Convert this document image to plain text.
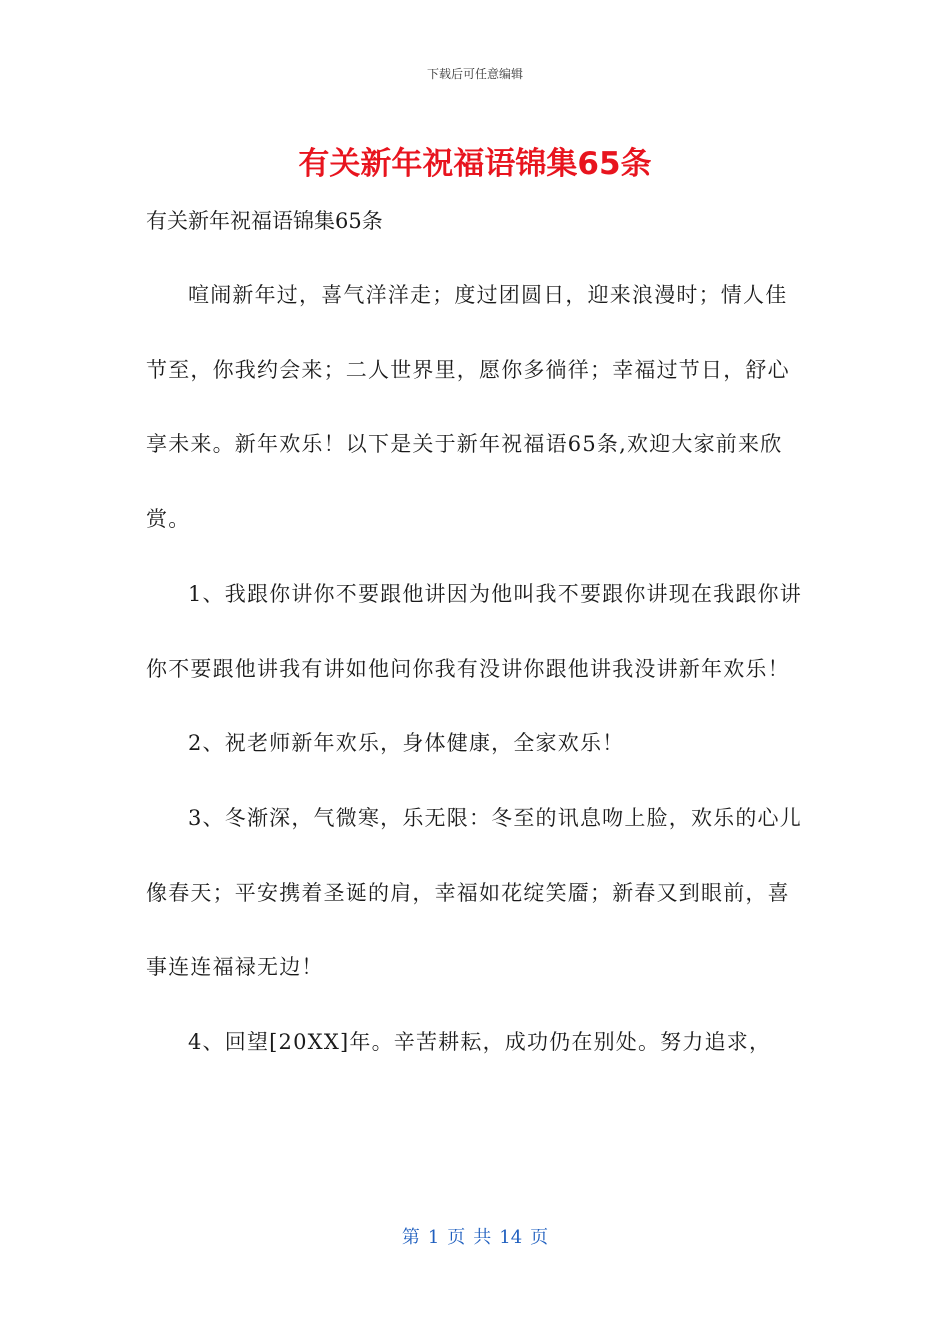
下载后可任意编辑
有关新年祝福语锦集65条
有关新年祝福语锦集65条

喧闹新年过，喜气洋洋走；度过团圆日，迎来浪漫时；情人佳节至，你我约会来；二人世界里，愿你多徜徉；幸福过节日，舒心享未来。新年欢乐！以下是关于新年祝福语65条,欢迎大家前来欣赏。

1、我跟你讲你不要跟他讲因为他叫我不要跟你讲现在我跟你讲你不要跟他讲我有讲如他问你我有没讲你跟他讲我没讲新年欢乐！

2、祝老师新年欢乐，身体健康，全家欢乐！

3、冬渐深，气微寒，乐无限：冬至的讯息吻上脸，欢乐的心儿像春天；平安携着圣诞的肩，幸福如花绽笑靥；新春又到眼前，喜事连连福禄无边！

4、回望[20XX]年。辛苦耕耘，成功仍在别处。努力追求，

第 1 页 共 14 页
